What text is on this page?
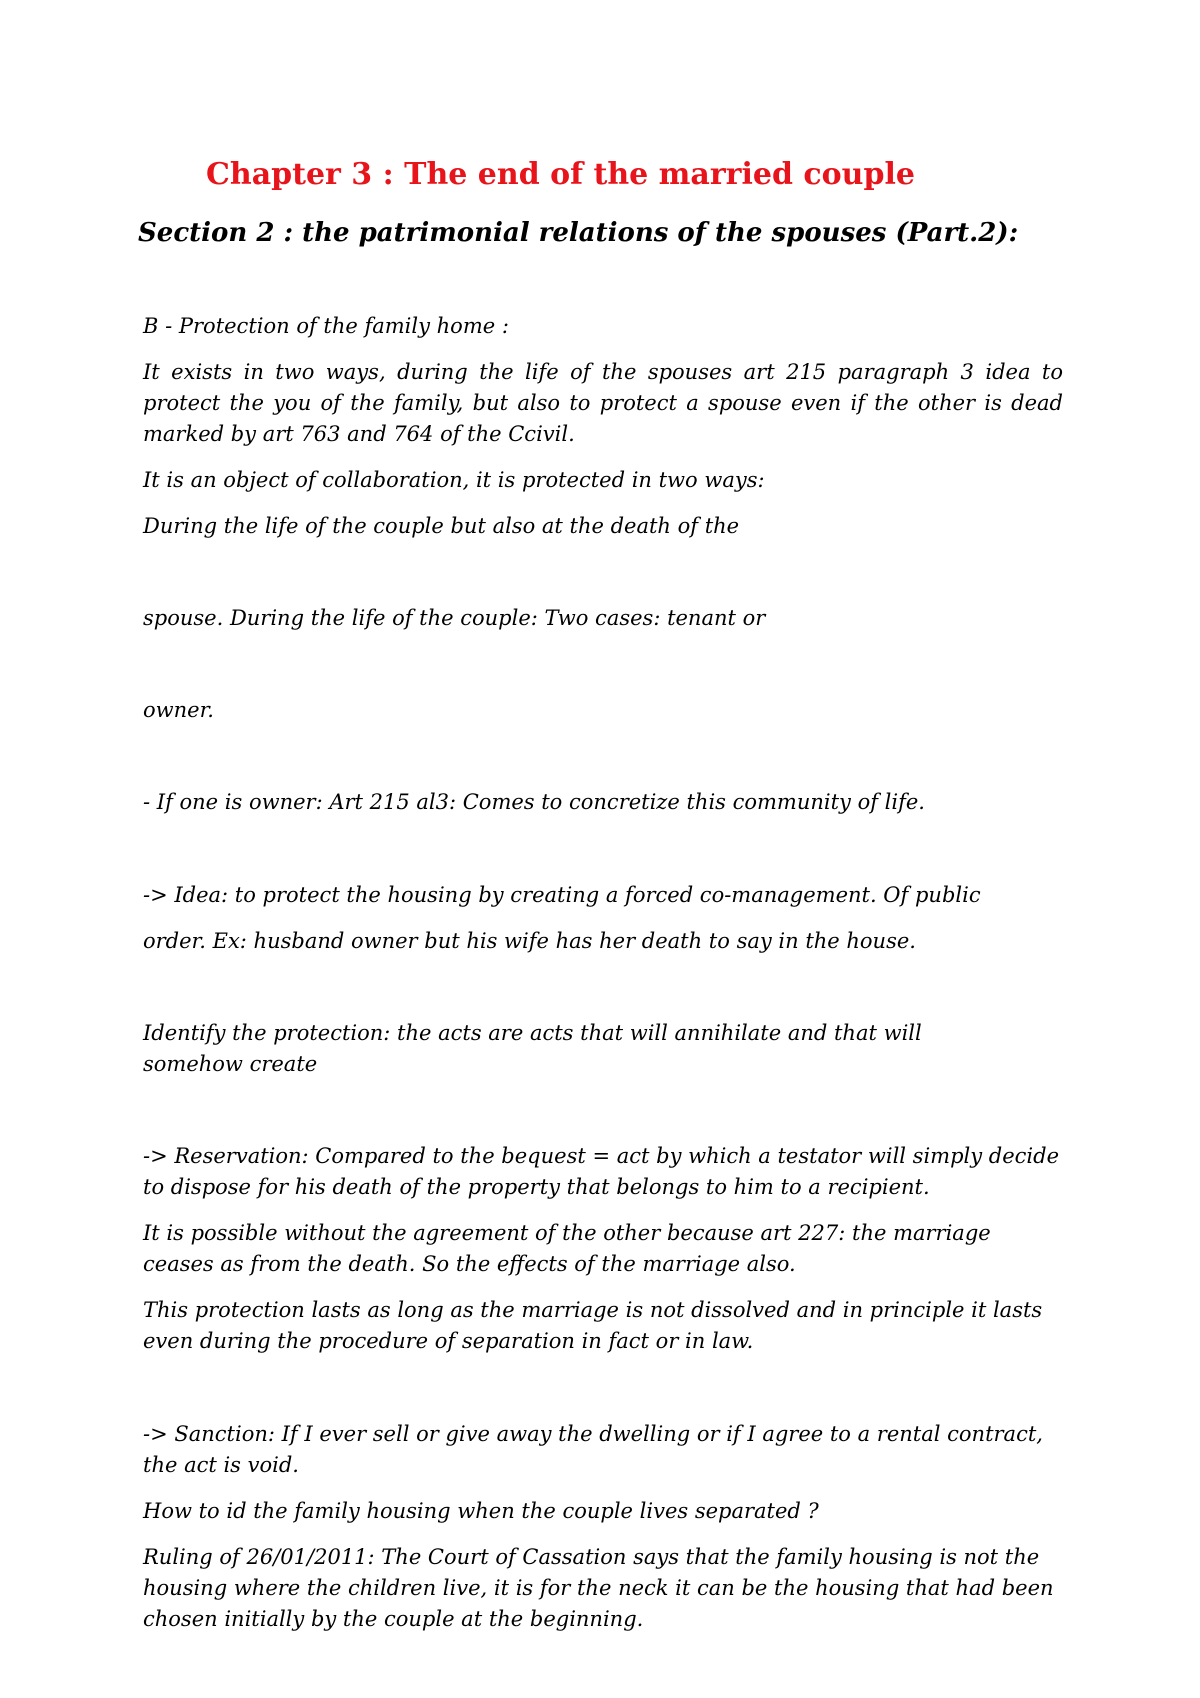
Chapter 3 : The end of the married couple
Section 2 : the patrimonial relations of the spouses (Part.2):

B - Protection of the family home :

It exists in two ways, during the life of the spouses art 215 paragraph 3 idea to protect the you of the family, but also to protect a spouse even if the other is dead marked by art 763 and 764 of the Ccivil.

It is an object of collaboration, it is protected in two ways:

During the life of the couple but also at the death of the

spouse. During the life of the couple: Two cases: tenant or

owner.

- If one is owner: Art 215 al3: Comes to concretize this community of life.

-> Idea: to protect the housing by creating a forced co-management. Of public

order. Ex: husband owner but his wife has her death to say in the house.

Identify the protection: the acts are acts that will annihilate and that will somehow create

-> Reservation: Compared to the bequest = act by which a testator will simply decide to dispose for his death of the property that belongs to him to a recipient.

It is possible without the agreement of the other because art 227: the marriage ceases as from the death. So the effects of the marriage also.

This protection lasts as long as the marriage is not dissolved and in principle it lasts even during the procedure of separation in fact or in law.

-> Sanction: If I ever sell or give away the dwelling or if I agree to a rental contract, the act is void.

How to id the family housing when the couple lives separated ?

Ruling of 26/01/2011: The Court of Cassation says that the family housing is not the housing where the children live, it is for the neck it can be the housing that had been chosen initially by the couple at the beginning.
